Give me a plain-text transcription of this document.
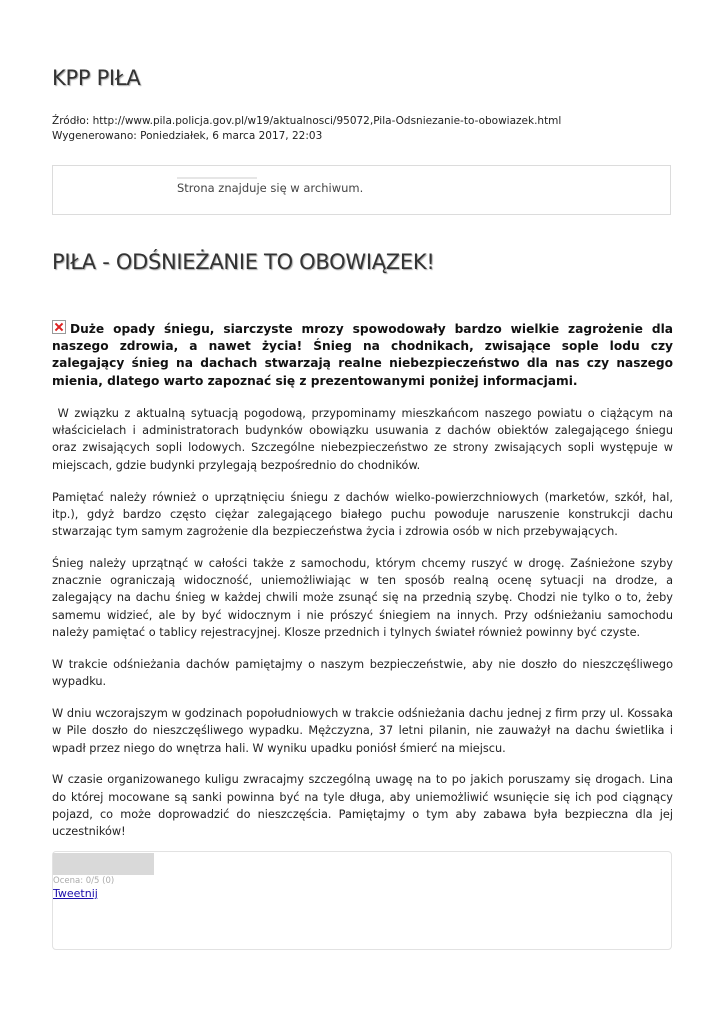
KPP PIŁA
Źródło: http://www.pila.policja.gov.pl/w19/aktualnosci/95072,Pila-Odsniezanie-to-obowiazek.html
Wygenerowano: Poniedziałek, 6 marca 2017, 22:03
Strona znajduje się w archiwum.
PIŁA - ODŚNIEŻANIE TO OBOWIĄZEK!

Duże opady śniegu, siarczyste mrozy spowodowały bardzo wielkie zagrożenie dla naszego zdrowia, a nawet życia! Śnieg na chodnikach, zwisające sople lodu czy zalegający śnieg na dachach stwarzają realne niebezpieczeństwo dla nas czy naszego mienia, dlatego warto zapoznać się z prezentowanymi poniżej informacjami.

W związku z aktualną sytuacją pogodową, przypominamy mieszkańcom naszego powiatu o ciążącym na właścicielach i administratorach budynków obowiązku usuwania z dachów obiektów zalegającego śniegu oraz zwisających sopli lodowych. Szczególne niebezpieczeństwo ze strony zwisających sopli występuje w miejscach, gdzie budynki przylegają bezpośrednio do chodników.

Pamiętać należy również o uprzątnięciu śniegu z dachów wielko-powierzchniowych (marketów, szkół, hal, itp.), gdyż bardzo często ciężar zalegającego białego puchu powoduje naruszenie konstrukcji dachu stwarzając tym samym zagrożenie dla bezpieczeństwa życia i zdrowia osób w nich przebywających.

Śnieg należy uprzątnąć w całości także z samochodu, którym chcemy ruszyć w drogę. Zaśnieżone szyby znacznie ograniczają widoczność, uniemożliwiając w ten sposób realną ocenę sytuacji na drodze, a zalegający na dachu śnieg w każdej chwili może zsunąć się na przednią szybę. Chodzi nie tylko o to, żeby samemu widzieć, ale by być widocznym i nie prószyć śniegiem na innych. Przy odśnieżaniu samochodu należy pamiętać o tablicy rejestracyjnej. Klosze przednich i tylnych świateł również powinny być czyste.

W trakcie odśnieżania dachów pamiętajmy o naszym bezpieczeństwie, aby nie doszło do nieszczęśliwego wypadku.

W dniu wczorajszym w godzinach popołudniowych w trakcie odśnieżania dachu jednej z firm przy ul. Kossaka w Pile doszło do nieszczęśliwego wypadku. Mężczyzna, 37 letni pilanin, nie zauważył na dachu świetlika i wpadł przez niego do wnętrza hali. W wyniku upadku poniósł śmierć na miejscu.

W czasie organizowanego kuligu zwracajmy szczególną uwagę na to po jakich poruszamy się drogach. Lina do której mocowane są sanki powinna być na tyle długa, aby uniemożliwić wsunięcie się ich pod ciągnący pojazd, co może doprowadzić do nieszczęścia. Pamiętajmy o tym aby zabawa była bezpieczna dla jej uczestników!

Ocena: 0/5 (0)
Tweetnij
